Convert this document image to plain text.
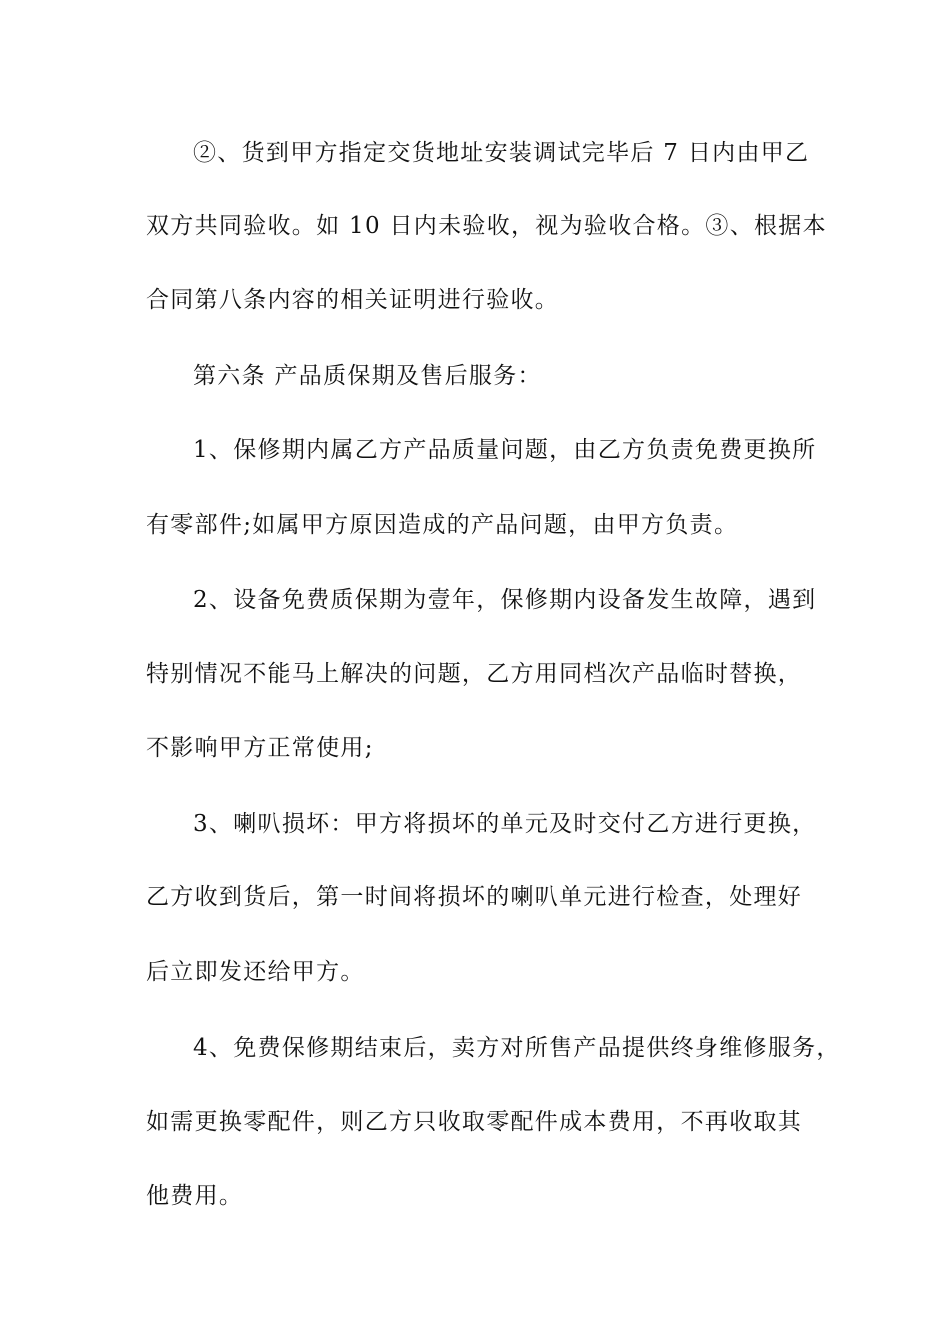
②、货到甲方指定交货地址安装调试完毕后 7 日内由甲乙
双方共同验收。如 10 日内未验收，视为验收合格。③、根据本
合同第八条内容的相关证明进行验收。
第六条 产品质保期及售后服务：
1、保修期内属乙方产品质量问题，由乙方负责免费更换所
有零部件;如属甲方原因造成的产品问题，由甲方负责。
2、设备免费质保期为壹年，保修期内设备发生故障，遇到
特别情况不能马上解决的问题，乙方用同档次产品临时替换，
不影响甲方正常使用;
3、喇叭损坏：甲方将损坏的单元及时交付乙方进行更换，
乙方收到货后，第一时间将损坏的喇叭单元进行检查，处理好
后立即发还给甲方。
4、免费保修期结束后，卖方对所售产品提供终身维修服务，
如需更换零配件，则乙方只收取零配件成本费用，不再收取其
他费用。
